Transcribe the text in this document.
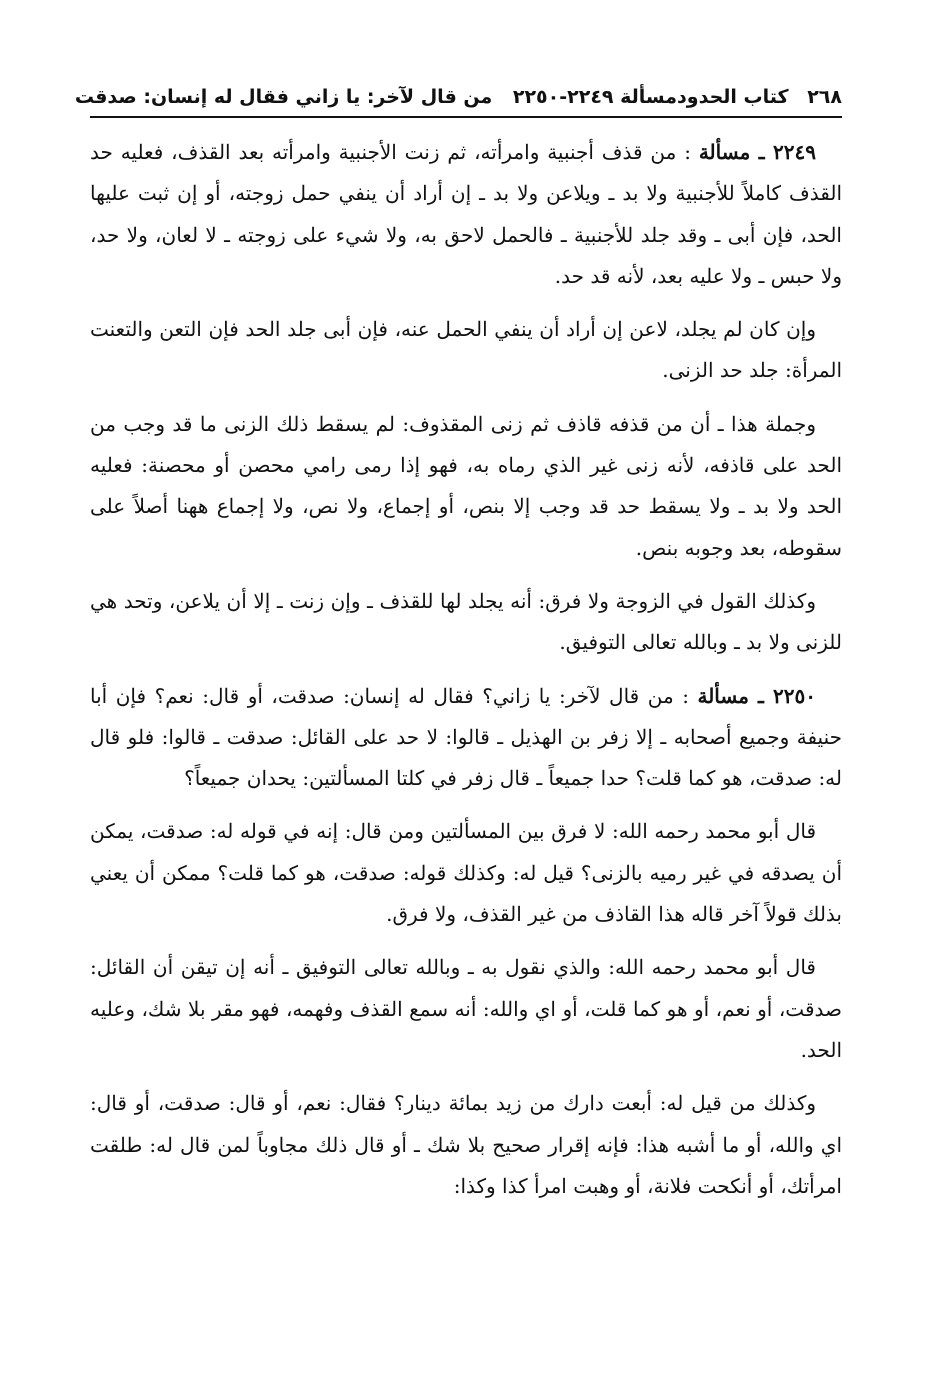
٢٦٨ كتاب الحدود
مسألة ٢٢٤٩-٢٢٥٠ من قال لآخر: يا زاني فقال له إنسان: صدقت

٢٢٤٩ ـ مسألة : من قذف أجنبية وامرأته، ثم زنت الأجنبية وامرأته بعد القذف، فعليه حد القذف كاملاً للأجنبية ولا بد ـ ويلاعن ولا بد ـ إن أراد أن ينفي حمل زوجته، أو إن ثبت عليها الحد، فإن أبى ـ وقد جلد للأجنبية ـ فالحمل لاحق به، ولا شيء على زوجته ـ لا لعان، ولا حد، ولا حبس ـ ولا عليه بعد، لأنه قد حد.

وإن كان لم يجلد، لاعن إن أراد أن ينفي الحمل عنه، فإن أبى جلد الحد فإن التعن والتعنت المرأة: جلد حد الزنى.

وجملة هذا ـ أن من قذفه قاذف ثم زنى المقذوف: لم يسقط ذلك الزنى ما قد وجب من الحد على قاذفه، لأنه زنى غير الذي رماه به، فهو إذا رمى رامي محصن أو محصنة: فعليه الحد ولا بد ـ ولا يسقط حد قد وجب إلا بنص، أو إجماع، ولا نص، ولا إجماع ههنا أصلاً على سقوطه، بعد وجوبه بنص.

وكذلك القول في الزوجة ولا فرق: أنه يجلد لها للقذف ـ وإن زنت ـ إلا أن يلاعن، وتحد هي للزنى ولا بد ـ وبالله تعالى التوفيق.

٢٢٥٠ ـ مسألة : من قال لآخر: يا زاني؟ فقال له إنسان: صدقت، أو قال: نعم؟ فإن أبا حنيفة وجميع أصحابه ـ إلا زفر بن الهذيل ـ قالوا: لا حد على القائل: صدقت ـ قالوا: فلو قال له: صدقت، هو كما قلت؟ حدا جميعاً ـ قال زفر في كلتا المسألتين: يحدان جميعاً؟

قال أبو محمد رحمه الله: لا فرق بين المسألتين ومن قال: إنه في قوله له: صدقت، يمكن أن يصدقه في غير رميه بالزنى؟ قيل له: وكذلك قوله: صدقت، هو كما قلت؟ ممكن أن يعني بذلك قولاً آخر قاله هذا القاذف من غير القذف، ولا فرق.

قال أبو محمد رحمه الله: والذي نقول به ـ وبالله تعالى التوفيق ـ أنه إن تيقن أن القائل: صدقت، أو نعم، أو هو كما قلت، أو اي والله: أنه سمع القذف وفهمه، فهو مقر بلا شك، وعليه الحد.

وكذلك من قيل له: أبعت دارك من زيد بمائة دينار؟ فقال: نعم، أو قال: صدقت، أو قال: اي والله، أو ما أشبه هذا: فإنه إقرار صحيح بلا شك ـ أو قال ذلك مجاوباً لمن قال له: طلقت امرأتك، أو أنكحت فلانة، أو وهبت امرأ كذا وكذا:
